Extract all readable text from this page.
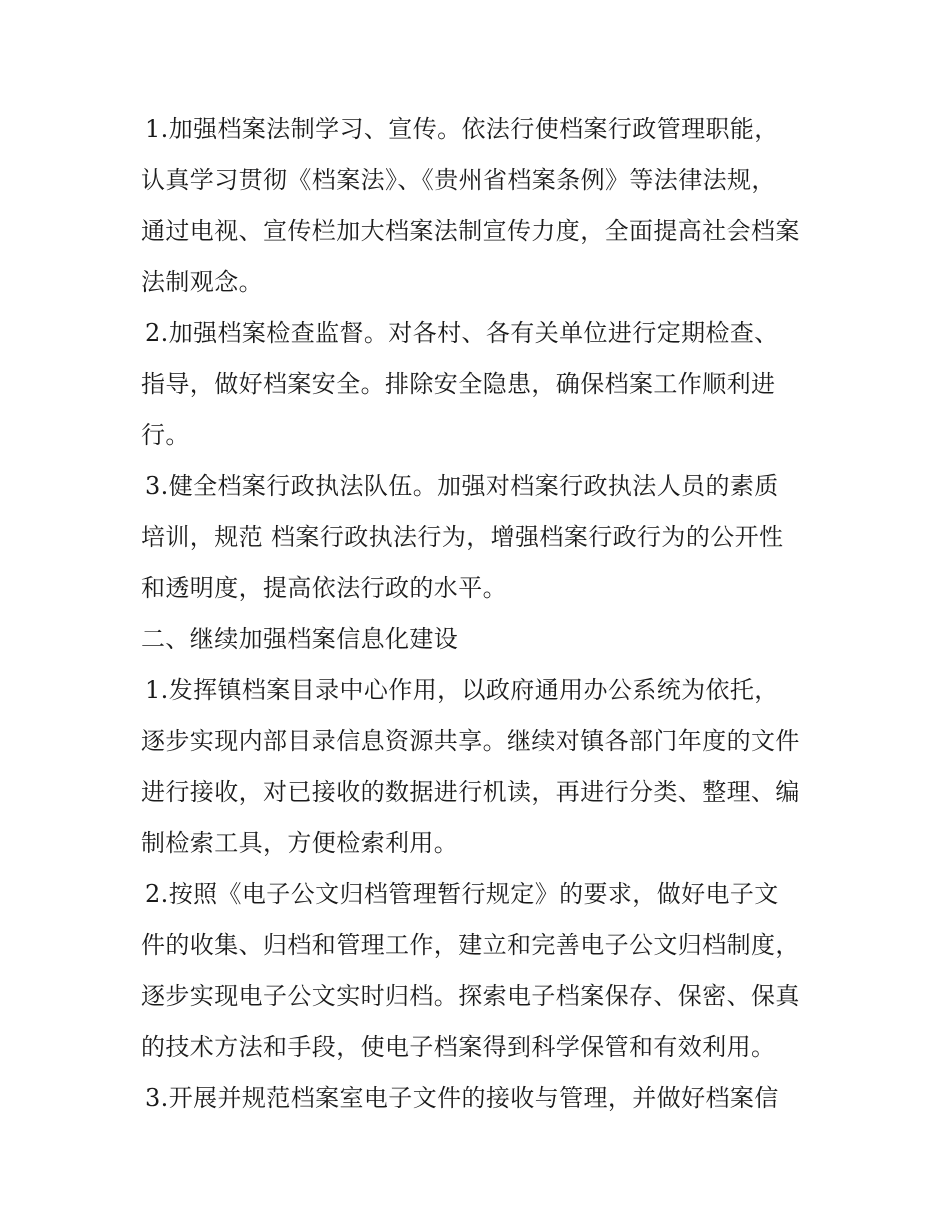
1.加强档案法制学习、宣传。依法行使档案行政管理职能，
认真学习贯彻《档案法》、《贵州省档案条例》等法律法规，
通过电视、宣传栏加大档案法制宣传力度，全面提高社会档案
法制观念。
2.加强档案检查监督。对各村、各有关单位进行定期检查、
指导，做好档案安全。排除安全隐患，确保档案工作顺利进
行。
3.健全档案行政执法队伍。加强对档案行政执法人员的素质
培训，规范 档案行政执法行为，增强档案行政行为的公开性
和透明度，提高依法行政的水平。
二、继续加强档案信息化建设
1.发挥镇档案目录中心作用，以政府通用办公系统为依托，
逐步实现内部目录信息资源共享。继续对镇各部门年度的文件
进行接收，对已接收的数据进行机读，再进行分类、整理、编
制检索工具，方便检索利用。
2.按照《电子公文归档管理暂行规定》的要求，做好电子文
件的收集、归档和管理工作，建立和完善电子公文归档制度，
逐步实现电子公文实时归档。探索电子档案保存、保密、保真
的技术方法和手段，使电子档案得到科学保管和有效利用。
3.开展并规范档案室电子文件的接收与管理，并做好档案信
